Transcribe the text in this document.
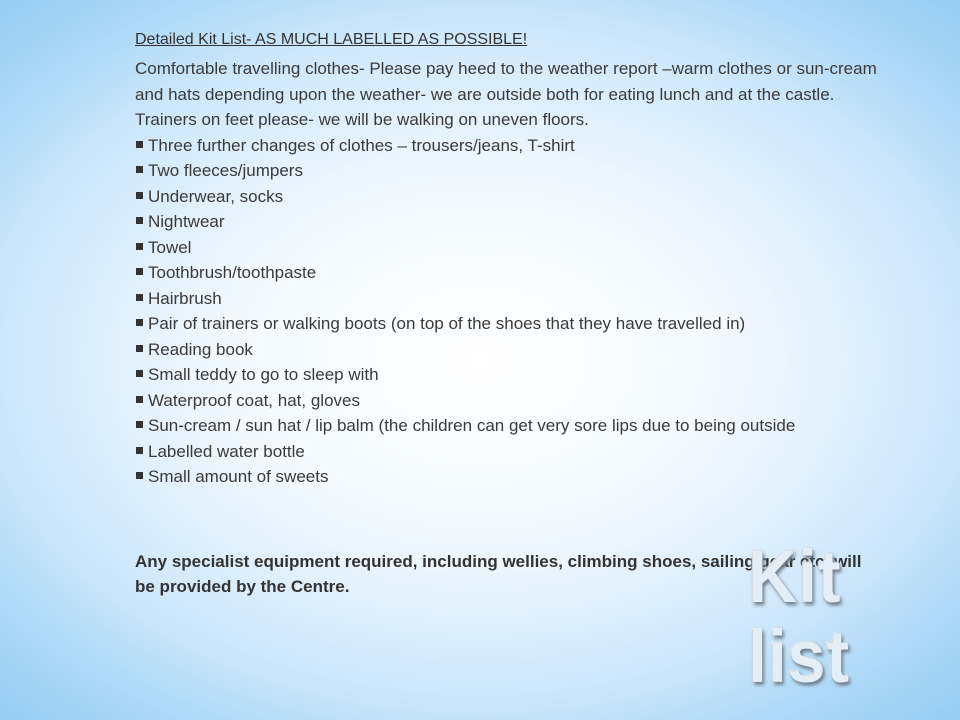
Detailed Kit List- AS MUCH LABELLED AS POSSIBLE!

Comfortable travelling clothes- Please pay heed to the weather report –warm clothes or sun-cream and hats depending upon the weather- we are outside both for eating lunch and at the castle. Trainers on feet please- we will be walking on uneven floors.

Three further changes of clothes – trousers/jeans, T-shirt
Two fleeces/jumpers
Underwear, socks
Nightwear
Towel
Toothbrush/toothpaste
Hairbrush
Pair of trainers or walking boots (on top of the shoes that they have travelled in)
Reading book
Small teddy to go to sleep with
Waterproof coat, hat, gloves
Sun-cream / sun hat / lip balm (the children can get very sore lips due to being outside
Labelled water bottle
Small amount of sweets

Any specialist equipment required, including wellies, climbing shoes, sailing gear etc. will be provided by the Centre.	Kit list
